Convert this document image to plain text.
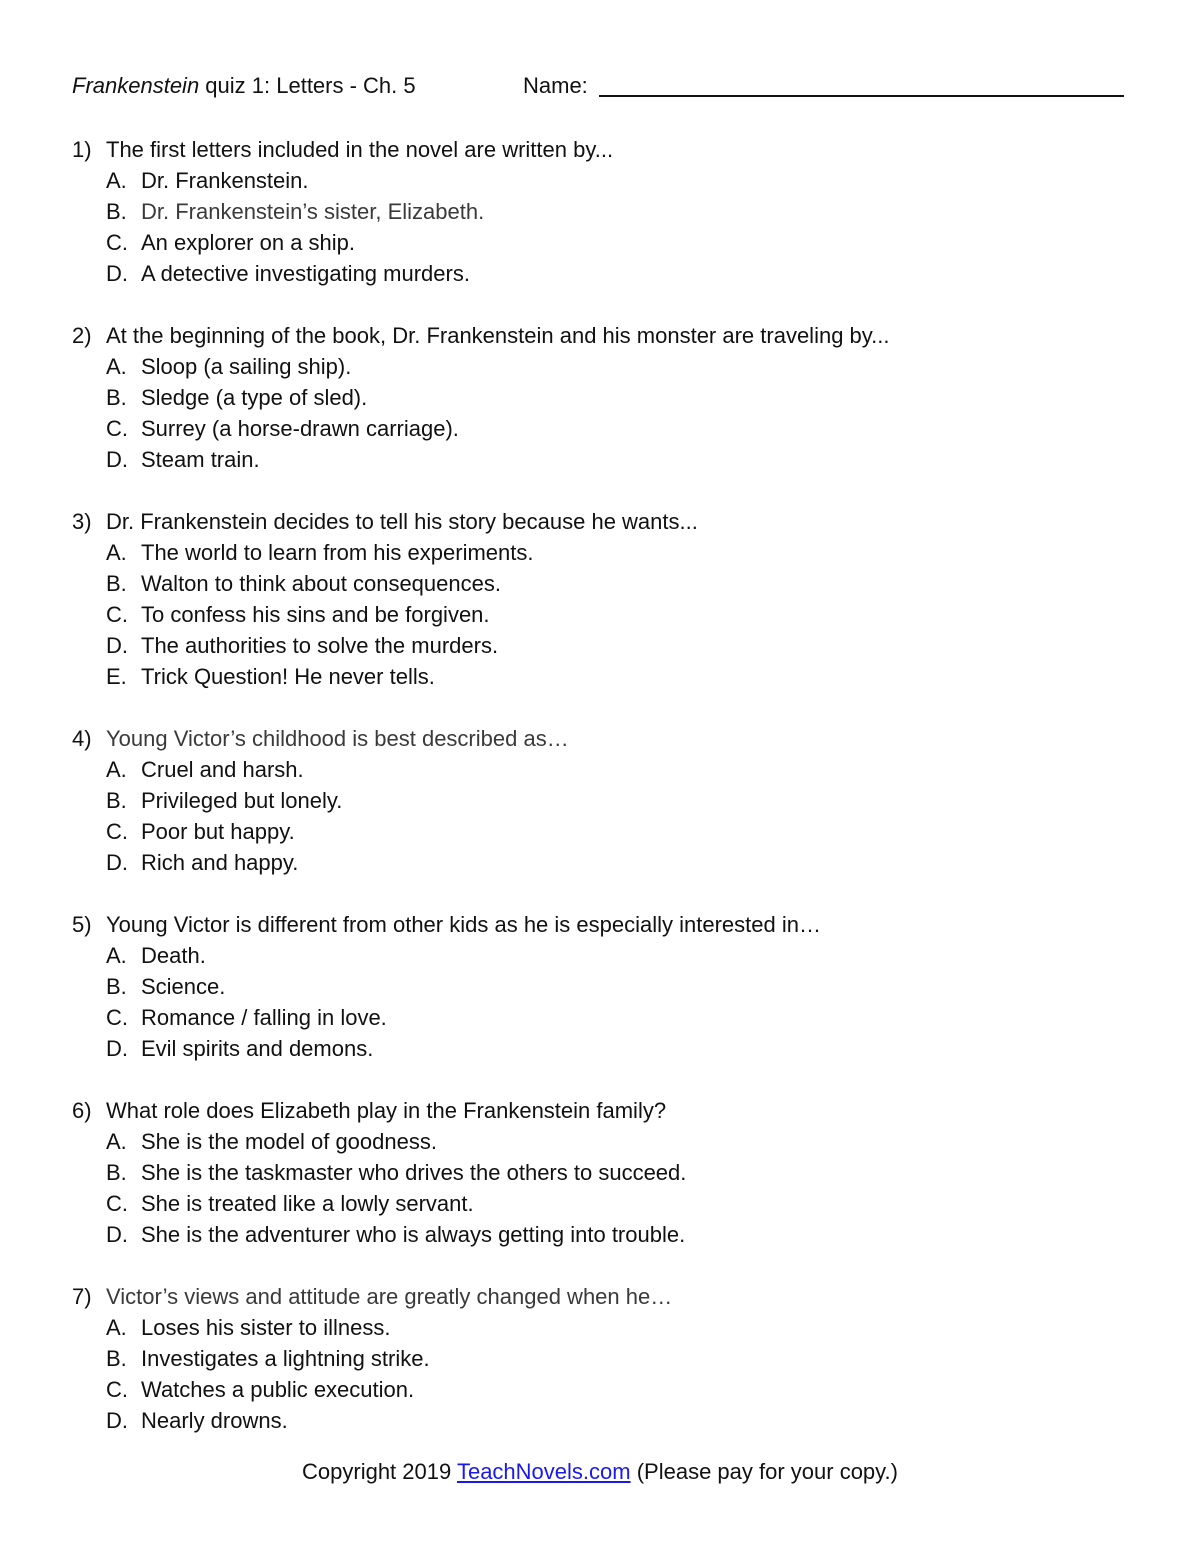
Frankenstein quiz 1: Letters - Ch. 5	Name:
1) The first letters included in the novel are written by...
A. Dr. Frankenstein.
B. Dr. Frankenstein’s sister, Elizabeth.
C. An explorer on a ship.
D. A detective investigating murders.
2) At the beginning of the book, Dr. Frankenstein and his monster are traveling by...
A. Sloop (a sailing ship).
B. Sledge (a type of sled).
C. Surrey (a horse-drawn carriage).
D. Steam train.
3) Dr. Frankenstein decides to tell his story because he wants...
A. The world to learn from his experiments.
B. Walton to think about consequences.
C. To confess his sins and be forgiven.
D. The authorities to solve the murders.
E. Trick Question! He never tells.
4) Young Victor’s childhood is best described as…
A. Cruel and harsh.
B. Privileged but lonely.
C. Poor but happy.
D. Rich and happy.
5) Young Victor is different from other kids as he is especially interested in…
A. Death.
B. Science.
C. Romance / falling in love.
D. Evil spirits and demons.
6) What role does Elizabeth play in the Frankenstein family?
A. She is the model of goodness.
B. She is the taskmaster who drives the others to succeed.
C. She is treated like a lowly servant.
D. She is the adventurer who is always getting into trouble.
7) Victor’s views and attitude are greatly changed when he…
A. Loses his sister to illness.
B. Investigates a lightning strike.
C. Watches a public execution.
D. Nearly drowns.
Copyright 2019 TeachNovels.com (Please pay for your copy.)
